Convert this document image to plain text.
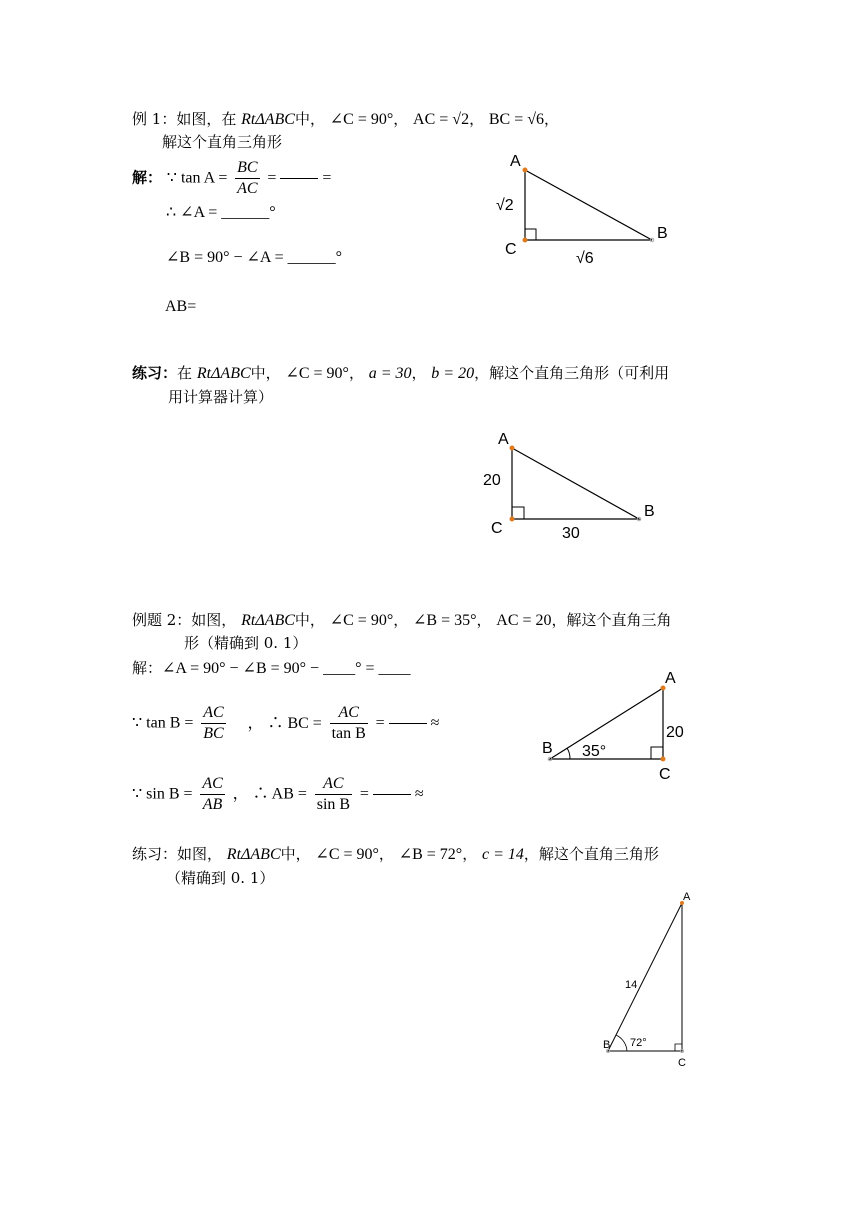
例 1：如图，在 RtΔABC中， ∠C = 90°， AC = √2， BC = √6，
解这个直角三角形
解： ∵ $\tan A = \frac{BC}{AC}$ =	=
∴ ∠A = ______°
∠B = 90° − ∠A = ______°
AB=
A
B
C
√2
√6
练习：在 RtΔABC中， ∠C = 90°， a = 30， b = 20，解这个直角三角形（可利用
用计算器计算）
A
B
C
20
30
例题 2：如图， RtΔABC中， ∠C = 90°， ∠B = 35°， AC = 20，解这个直角三角
形（精确到 0. 1）
解：∠A = 90° − ∠B = 90° − ____° = ____
∵ $\tan B = \frac{AC}{BC}$ ， ∴ BC = $\frac{AC}{\text{tan B}}$ =	≈
∵ $\sin B = \frac{AC}{AB}$ ， ∴ AB = $\frac{AC}{\text{sin B}}$ =	≈
A
B
C
20
35°
练习：如图， RtΔABC中， ∠C = 90°， ∠B = 72°， c = 14，解这个直角三角形
（精确到 0. 1）
A
B
C
14
72°
